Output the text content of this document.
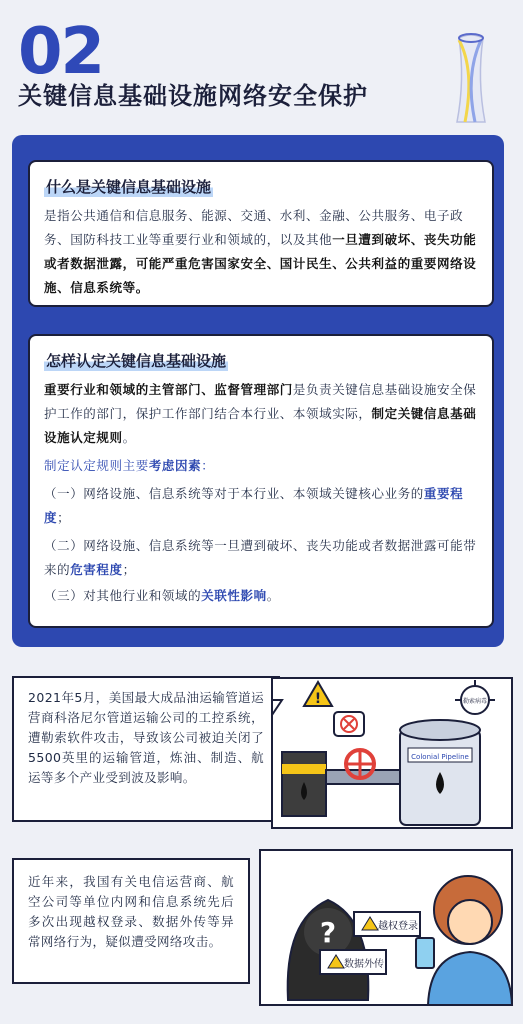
02
关键信息基础设施网络安全保护
什么是关键信息基础设施
是指公共通信和信息服务、能源、交通、水利、金融、公共服务、电子政务、国防科技工业等重要行业和领域的，以及其他一旦遭到破坏、丧失功能或者数据泄露，可能严重危害国家安全、国计民生、公共利益的重要网络设施、信息系统等。
怎样认定关键信息基础设施
重要行业和领域的主管部门、监督管理部门是负责关键信息基础设施安全保护工作的部门，保护工作部门结合本行业、本领域实际，制定关键信息基础设施认定规则。
制定认定规则主要考虑因素：
（一）网络设施、信息系统等对于本行业、本领域关键核心业务的重要程度；
（二）网络设施、信息系统等一旦遭到破坏、丧失功能或者数据泄露可能带来的危害程度；
（三）对其他行业和领域的关联性影响。
2021年5月，美国最大成品油运输管道运营商科洛尼尔管道运输公司的工控系统，遭勒索软件攻击，导致该公司被迫关闭了5500英里的运输管道，炼油、制造、航运等多个产业受到波及影响。
!
Colonial Pipeline
勒索病毒
近年来，我国有关电信运营商、航空公司等单位内网和信息系统先后多次出现越权登录、数据外传等异常网络行为，疑似遭受网络攻击。	?	越权登录
数据外传
